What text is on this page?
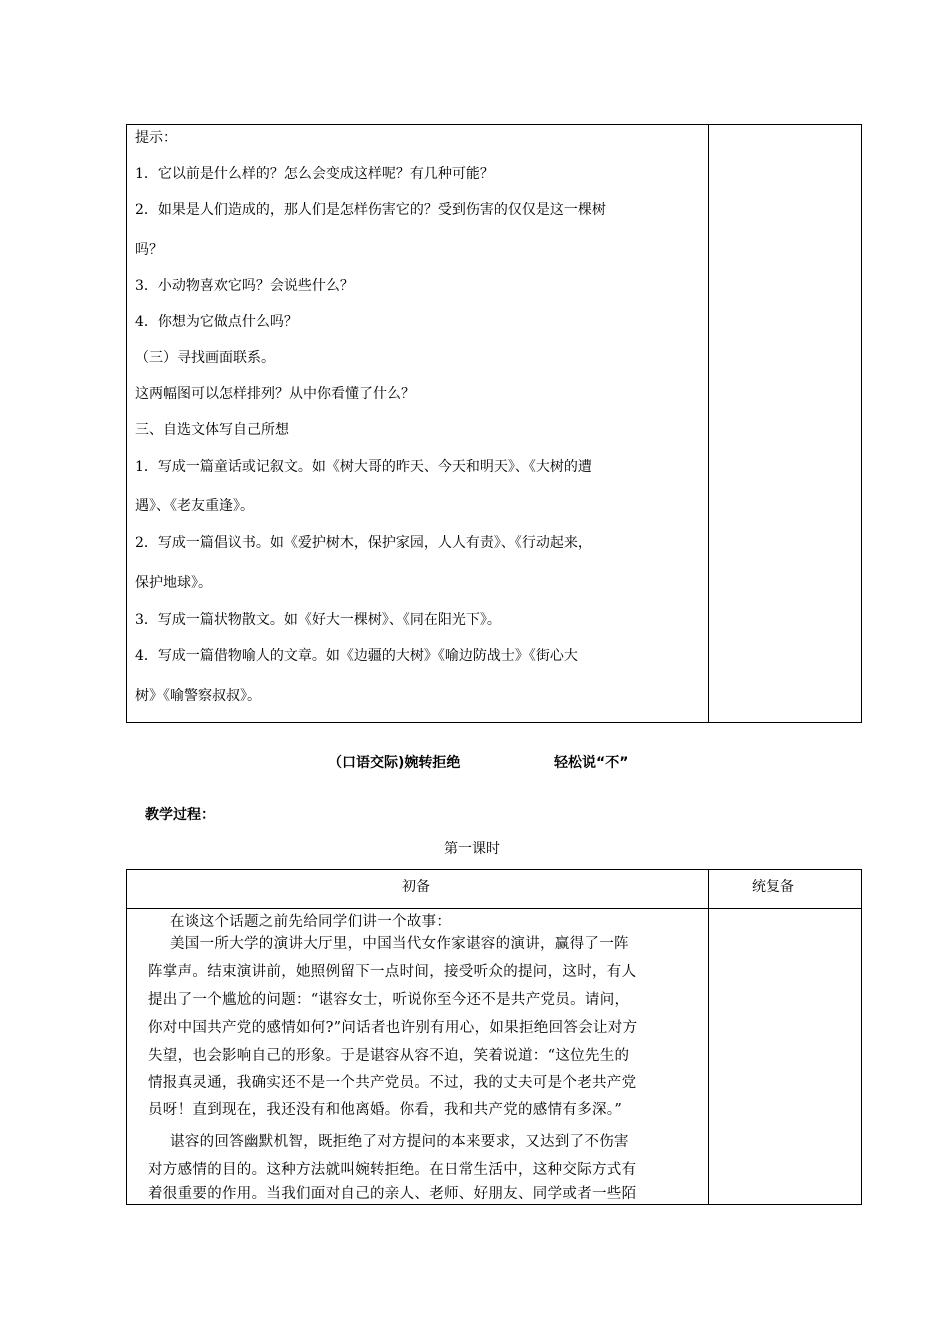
提示：
1．它以前是什么样的？怎么会变成这样呢？有几种可能？
2．如果是人们造成的，那人们是怎样伤害它的？受到伤害的仅仅是这一棵树
吗？
3．小动物喜欢它吗？会说些什么？
4．你想为它做点什么吗？
（三）寻找画面联系。
这两幅图可以怎样排列？从中你看懂了什么？
三、自选文体写自己所想
1．写成一篇童话或记叙文。如《树大哥的昨天、今天和明天》、《大树的遭
遇》、《老友重逢》。
2．写成一篇倡议书。如《爱护树木，保护家园，人人有责》、《行动起来，
保护地球》。
3．写成一篇状物散文。如《好大一棵树》、《同在阳光下》。
4．写成一篇借物喻人的文章。如《边疆的大树》《喻边防战士》《街心大
树》《喻警察叔叔》。
（口语交际)婉转拒绝	轻松说“不”
教学过程：
第一课时
初备	统复备
在谈这个话题之前先给同学们讲一个故事：
美国一所大学的演讲大厅里，中国当代女作家谌容的演讲，赢得了一阵
阵掌声。结束演讲前，她照例留下一点时间，接受听众的提问，这时，有人
提出了一个尴尬的问题：“谌容女士，听说你至今还不是共产党员。请问，
你对中国共产党的感情如何?”问话者也许别有用心，如果拒绝回答会让对方
失望，也会影响自己的形象。于是谌容从容不迫，笑着说道：“这位先生的
情报真灵通，我确实还不是一个共产党员。不过，我的丈夫可是个老共产党
员呀！直到现在，我还没有和他离婚。你看，我和共产党的感情有多深。”
谌容的回答幽默机智，既拒绝了对方提问的本来要求，又达到了不伤害
对方感情的目的。这种方法就叫婉转拒绝。在日常生活中，这种交际方式有
着很重要的作用。当我们面对自己的亲人、老师、好朋友、同学或者一些陌
